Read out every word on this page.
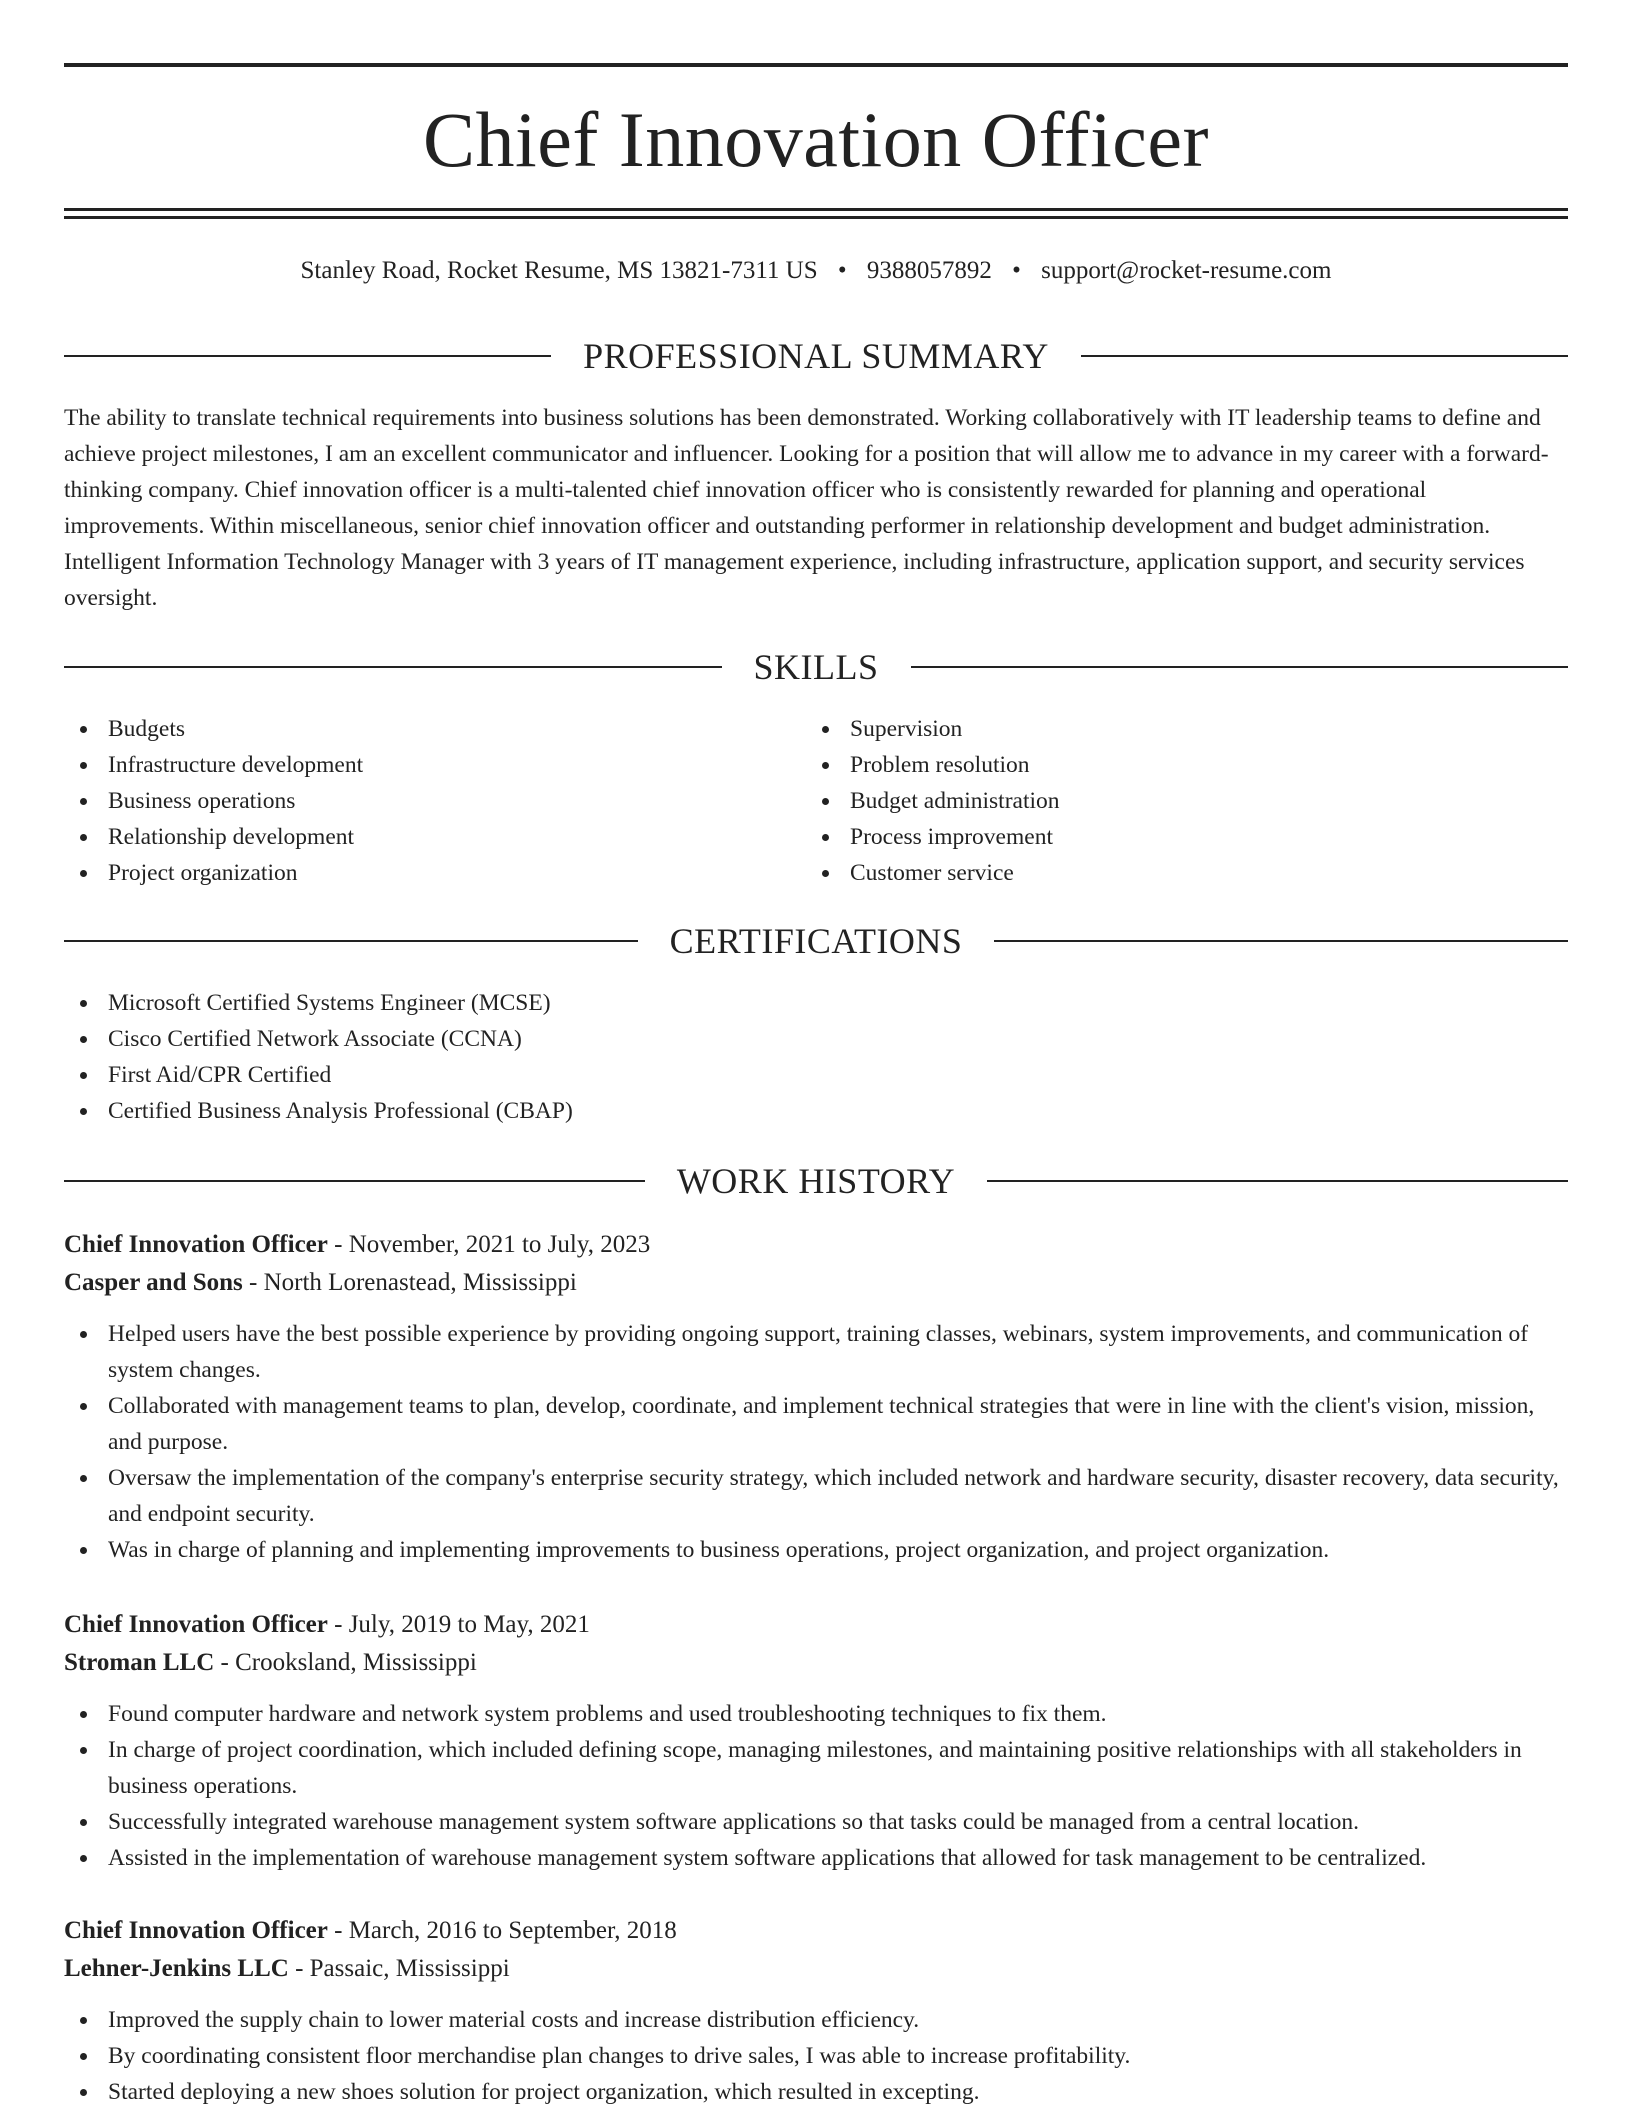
Chief Innovation Officer
Stanley Road, Rocket Resume, MS 13821-7311 US • 9388057892 • support@rocket-resume.com
PROFESSIONAL SUMMARY

The ability to translate technical requirements into business solutions has been demonstrated. Working collaboratively with IT leadership teams to define and achieve project milestones, I am an excellent communicator and influencer. Looking for a position that will allow me to advance in my career with a forward-thinking company. Chief innovation officer is a multi-talented chief innovation officer who is consistently rewarded for planning and operational improvements. Within miscellaneous, senior chief innovation officer and outstanding performer in relationship development and budget administration. Intelligent Information Technology Manager with 3 years of IT management experience, including infrastructure, application support, and security services oversight.

SKILLS
Budgets
Infrastructure development
Business operations
Relationship development
Project organization
Supervision
Problem resolution
Budget administration
Process improvement
Customer service
CERTIFICATIONS
Microsoft Certified Systems Engineer (MCSE)
Cisco Certified Network Associate (CCNA)
First Aid/CPR Certified
Certified Business Analysis Professional (CBAP)
WORK HISTORY
Chief Innovation Officer - November, 2021 to July, 2023
Casper and Sons - North Lorenastead, Mississippi
Helped users have the best possible experience by providing ongoing support, training classes, webinars, system improvements, and communication of system changes.
Collaborated with management teams to plan, develop, coordinate, and implement technical strategies that were in line with the client's vision, mission, and purpose.
Oversaw the implementation of the company's enterprise security strategy, which included network and hardware security, disaster recovery, data security, and endpoint security.
Was in charge of planning and implementing improvements to business operations, project organization, and project organization.
Chief Innovation Officer - July, 2019 to May, 2021
Stroman LLC - Crooksland, Mississippi
Found computer hardware and network system problems and used troubleshooting techniques to fix them.
In charge of project coordination, which included defining scope, managing milestones, and maintaining positive relationships with all stakeholders in business operations.
Successfully integrated warehouse management system software applications so that tasks could be managed from a central location.
Assisted in the implementation of warehouse management system software applications that allowed for task management to be centralized.
Chief Innovation Officer - March, 2016 to September, 2018
Lehner-Jenkins LLC - Passaic, Mississippi
Improved the supply chain to lower material costs and increase distribution efficiency.
By coordinating consistent floor merchandise plan changes to drive sales, I was able to increase profitability.
Started deploying a new shoes solution for project organization, which resulted in excepting.
